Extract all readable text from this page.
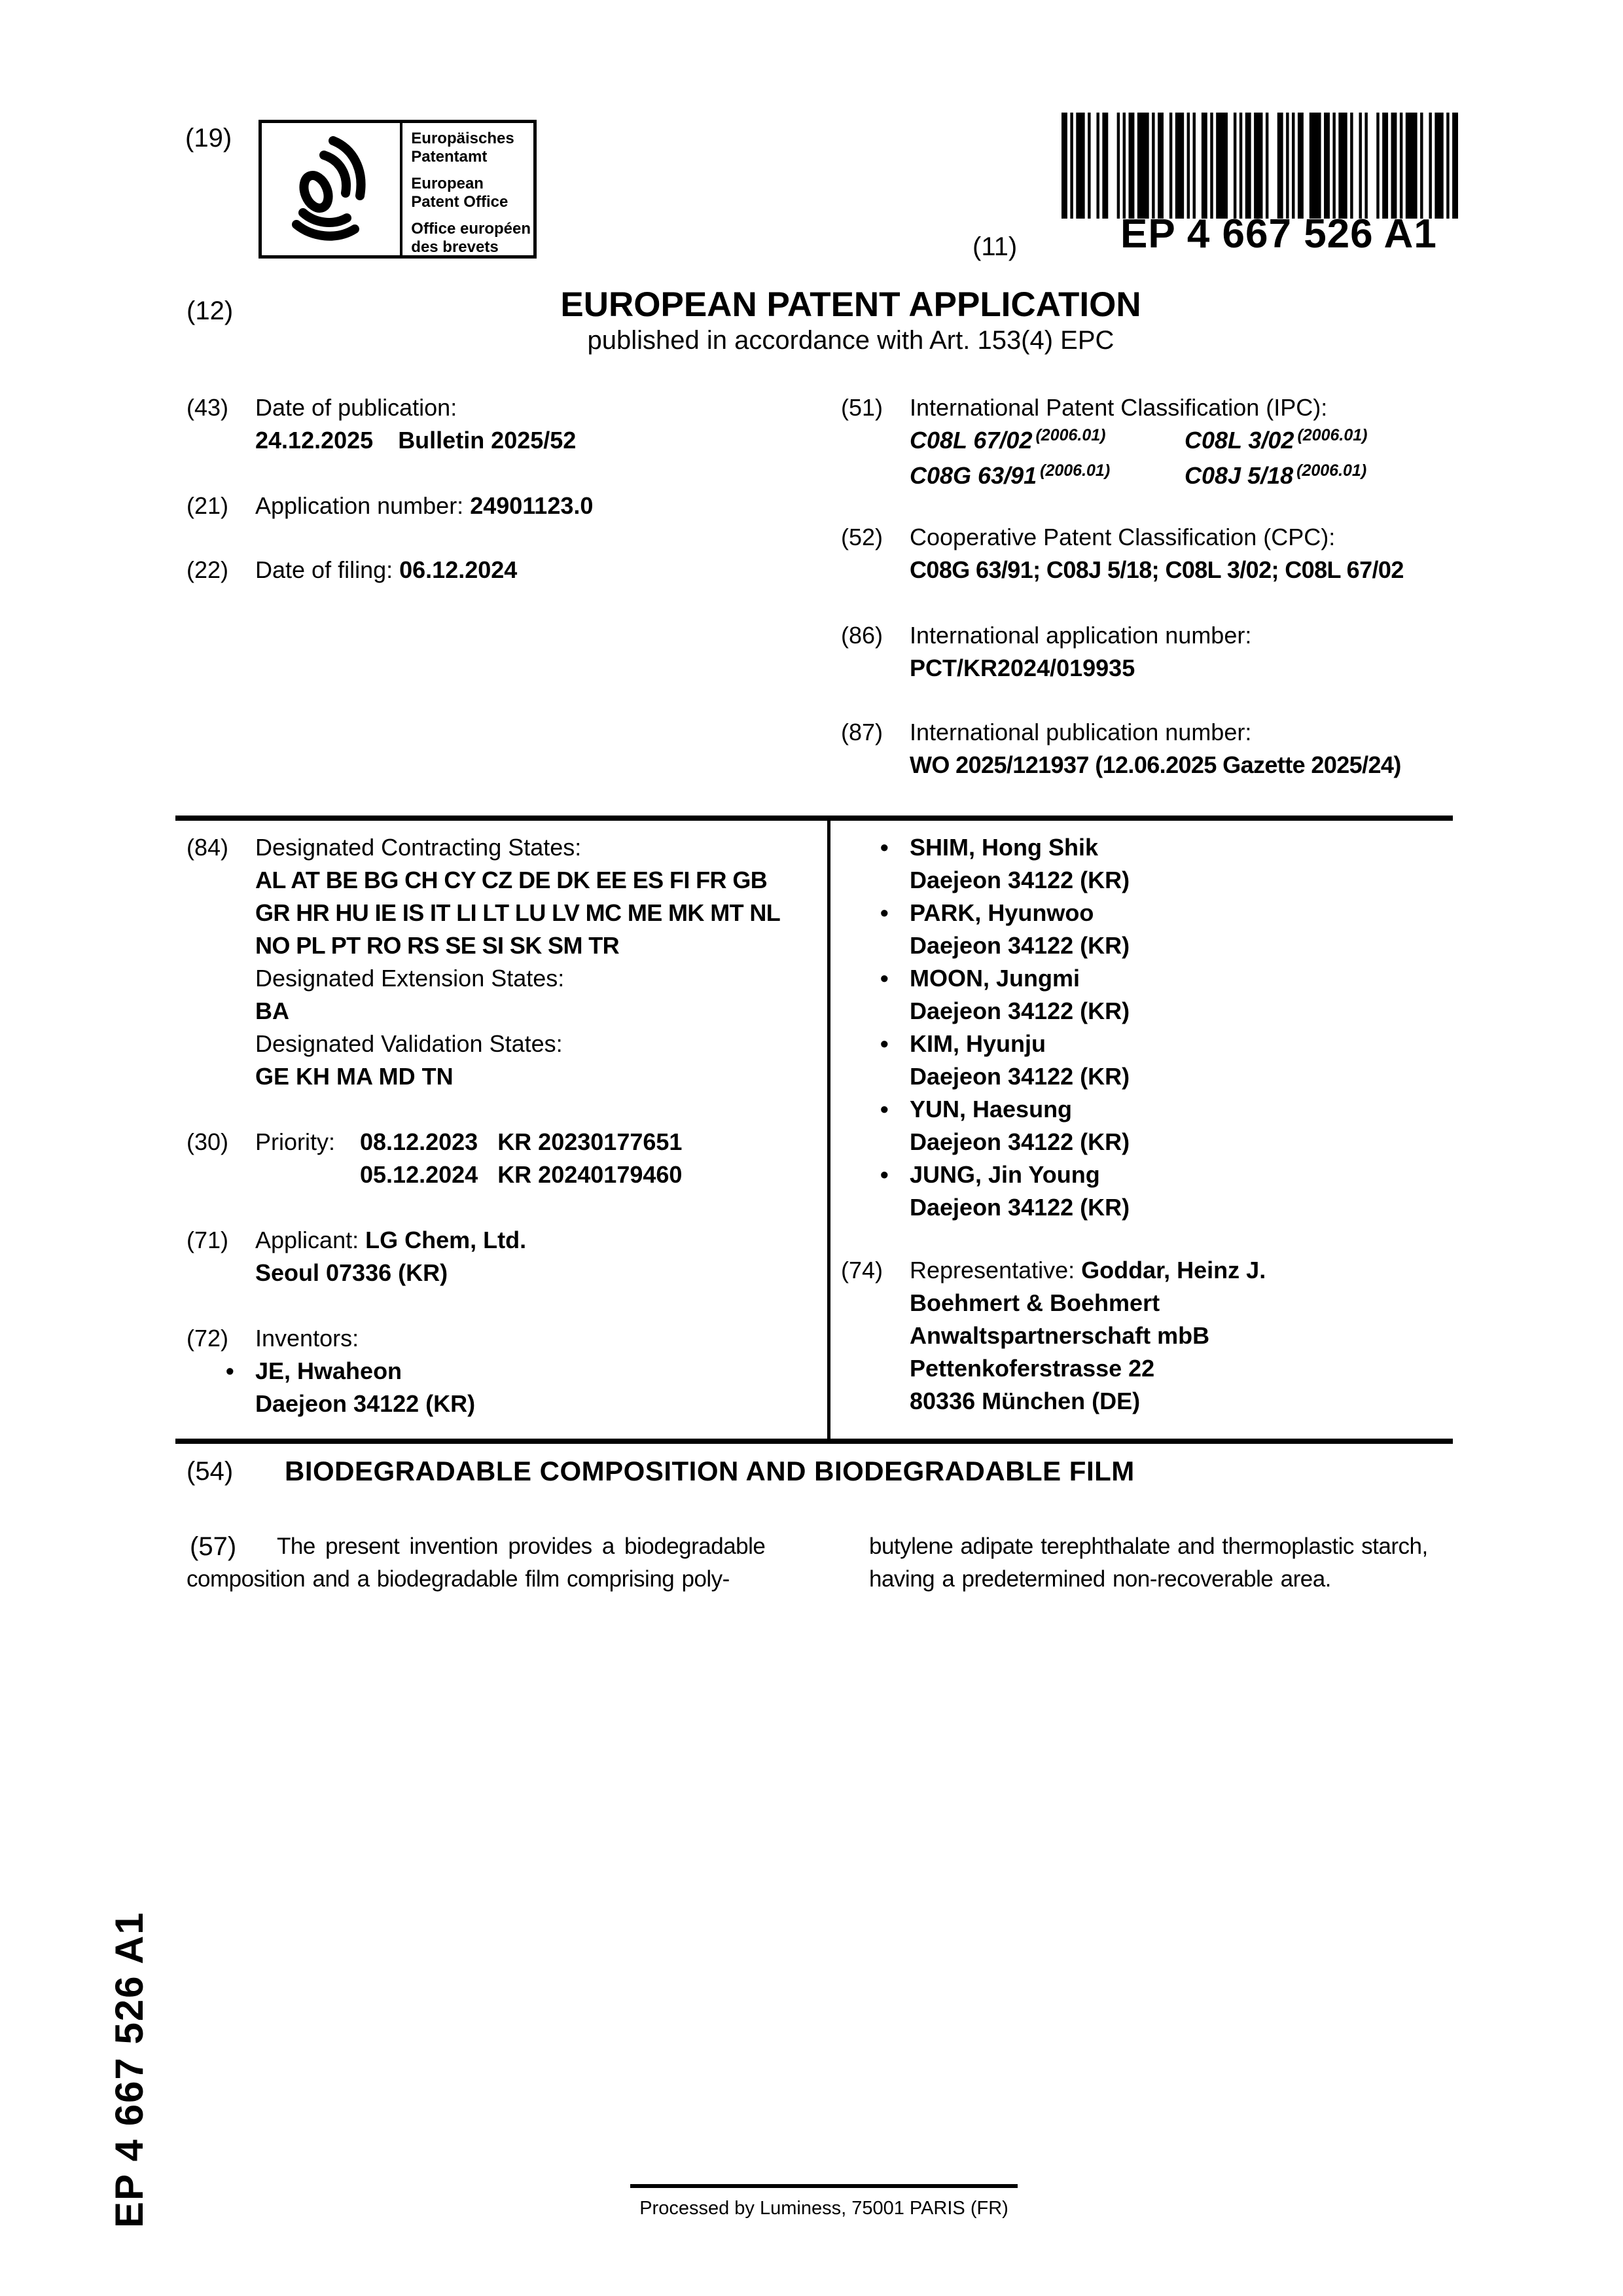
(19)	Europäisches
Patentamt
European
Patent Office
Office européen
des brevets	(11)	EP 4 667 526 A1
(12)	EUROPEAN PATENT APPLICATION
published in accordance with Art. 153(4) EPC
(43)	Date of publication:
24.12.2025 Bulletin 2025/52
(21)	Application number: 24901123.0
(22)	Date of filing: 06.12.2024
(51)	International Patent Classification (IPC):
C08L 67/02 $^{(2006.01)}$	C08L 3/02 $^{(2006.01)}$
C08G 63/91 $^{(2006.01)}$	C08J 5/18 $^{(2006.01)}$
(52)	Cooperative Patent Classification (CPC):
C08G 63/91; C08J 5/18; C08L 3/02; C08L 67/02
(86)	International application number:
PCT/KR2024/019935
(87)	International publication number:
WO 2025/121937 (12.06.2025 Gazette 2025/24)
(84)	Designated Contracting States:
AL AT BE BG CH CY CZ DE DK EE ES FI FR GB
GR HR HU IE IS IT LI LT LU LV MC ME MK MT NL
NO PL PT RO RS SE SI SK SM TR
Designated Extension States:
BA
Designated Validation States:
GE KH MA MD TN
(30)	Priority:	08.12.2023 KR 20230177651
05.12.2024 KR 20240179460
(71)	Applicant: LG Chem, Ltd.
Seoul 07336 (KR)
(72)	Inventors:
• JE, Hwaheon
Daejeon 34122 (KR)
• SHIM, Hong Shik
Daejeon 34122 (KR)
• PARK, Hyunwoo
Daejeon 34122 (KR)
• MOON, Jungmi
Daejeon 34122 (KR)
• KIM, Hyunju
Daejeon 34122 (KR)
• YUN, Haesung
Daejeon 34122 (KR)
• JUNG, Jin Young
Daejeon 34122 (KR)
(74)	Representative: Goddar, Heinz J.
Boehmert & Boehmert
Anwaltspartnerschaft mbB
Pettenkoferstrasse 22
80336 München (DE)
(54)	BIODEGRADABLE COMPOSITION AND BIODEGRADABLE FILM
(57)	The present invention provides a biodegradable
composition and a biodegradable film comprising poly-
butylene adipate terephthalate and thermoplastic starch,
having a predetermined non-recoverable area.
EP 4 667 526 A1	Processed by Luminess, 75001 PARIS (FR)
